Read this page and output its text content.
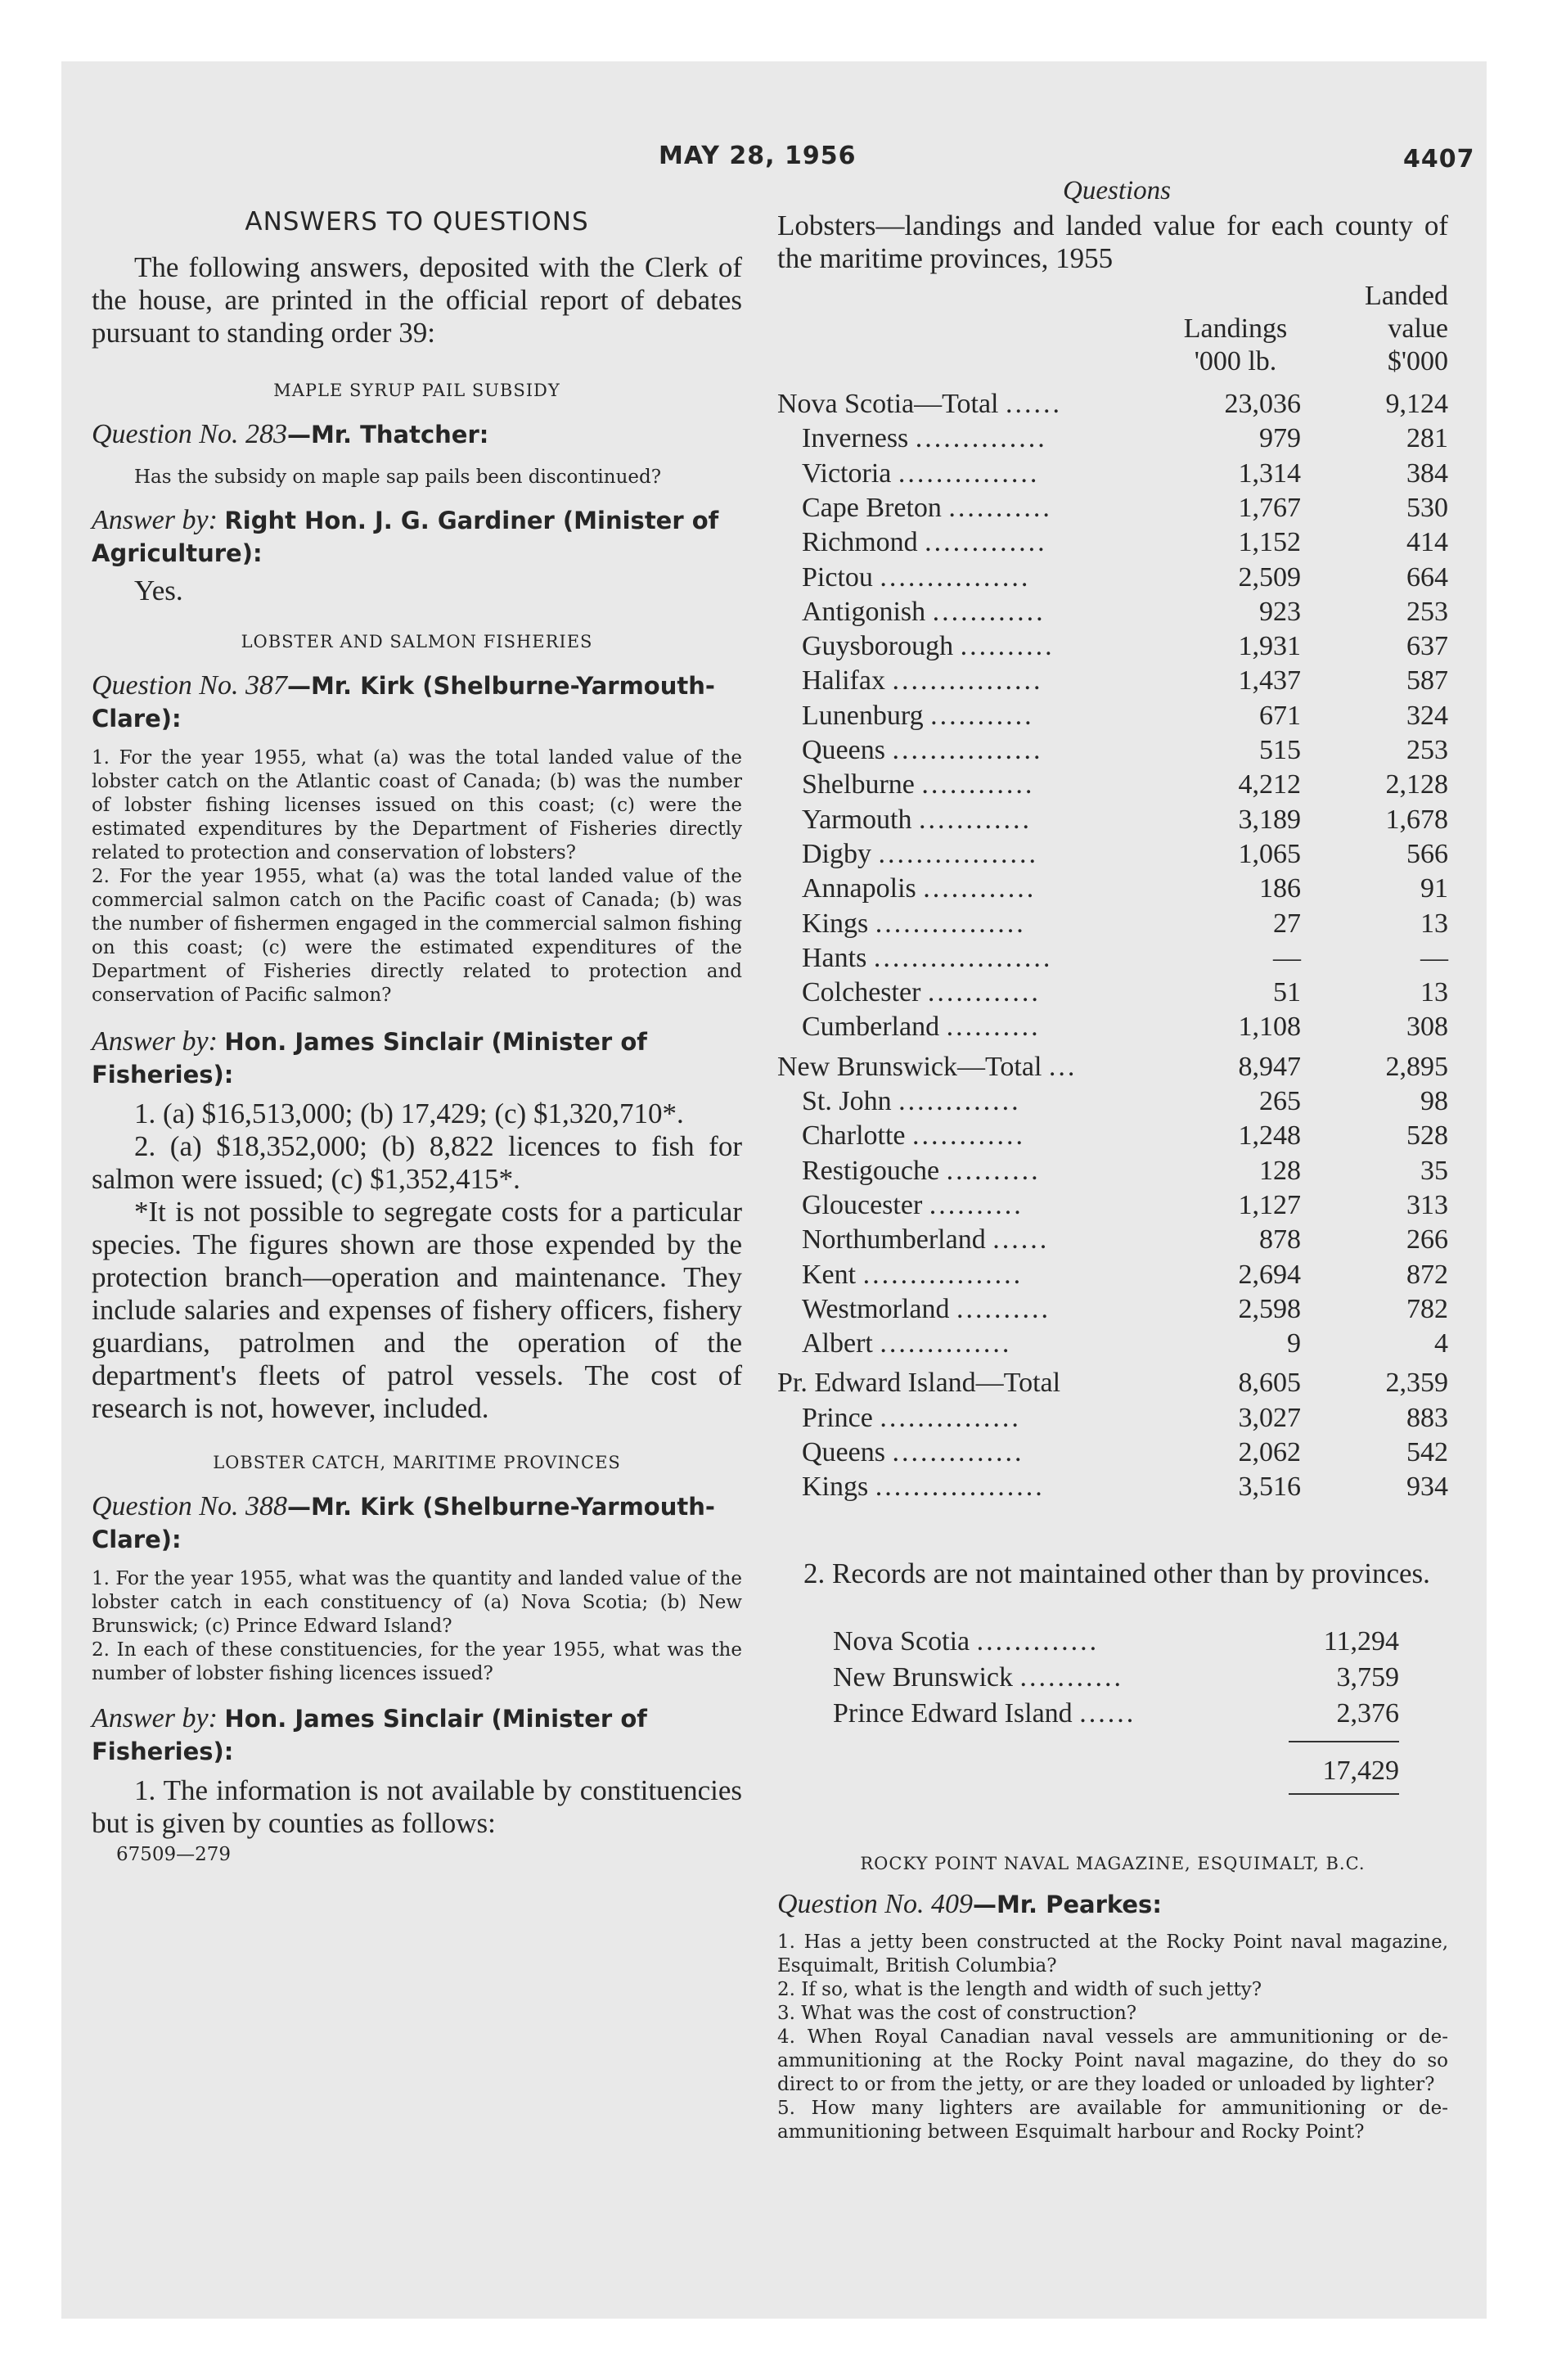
MAY 28, 1956	4407

ANSWERS TO QUESTIONS

The following answers, deposited with the Clerk of the house, are printed in the official report of debates pursuant to standing order 39:

MAPLE SYRUP PAIL SUBSIDY

Question No. 283—Mr. Thatcher:

Has the subsidy on maple sap pails been discontinued?

Answer by: Right Hon. J. G. Gardiner (Minister of Agriculture):

Yes.

LOBSTER AND SALMON FISHERIES

Question No. 387—Mr. Kirk (Shelburne-Yarmouth-Clare):

1. For the year 1955, what (a) was the total landed value of the lobster catch on the Atlantic coast of Canada; (b) was the number of lobster fishing licenses issued on this coast; (c) were the estimated expenditures by the Department of Fisheries directly related to protection and conservation of lobsters?

2. For the year 1955, what (a) was the total landed value of the commercial salmon catch on the Pacific coast of Canada; (b) was the number of fishermen engaged in the commercial salmon fishing on this coast; (c) were the estimated expenditures of the Department of Fisheries directly related to protection and conservation of Pacific salmon?

Answer by: Hon. James Sinclair (Minister of Fisheries):

1. (a) $16,513,000; (b) 17,429; (c) $1,320,710*.

2. (a) $18,352,000; (b) 8,822 licences to fish for salmon were issued; (c) $1,352,415*.

*It is not possible to segregate costs for a particular species. The figures shown are those expended by the protection branch—operation and maintenance. They include salaries and expenses of fishery officers, fishery guardians, patrolmen and the operation of the department's fleets of patrol vessels. The cost of research is not, however, included.

LOBSTER CATCH, MARITIME PROVINCES

Question No. 388—Mr. Kirk (Shelburne-Yarmouth-Clare):

1. For the year 1955, what was the quantity and landed value of the lobster catch in each constituency of (a) Nova Scotia; (b) New Brunswick; (c) Prince Edward Island?

2. In each of these constituencies, for the year 1955, what was the number of lobster fishing licences issued?

Answer by: Hon. James Sinclair (Minister of Fisheries):

1. The information is not available by constituencies but is given by counties as follows:

67509—279

Questions

Lobsters—landings and landed value for each county of the maritime provinces, 1955

Landed
Landings	value
'000 lb.	$'000
Nova Scotia—Total ......	23,036	9,124
Inverness ..............	979	281
Victoria ...............	1,314	384
Cape Breton ...........	1,767	530
Richmond .............	1,152	414
Pictou ................	2,509	664
Antigonish ............	923	253
Guysborough ..........	1,931	637
Halifax ................	1,437	587
Lunenburg ...........	671	324
Queens ................	515	253
Shelburne ............	4,212	2,128
Yarmouth ............	3,189	1,678
Digby .................	1,065	566
Annapolis ............	186	91
Kings ................	27	13
Hants ...................	—	—
Colchester ............	51	13
Cumberland ..........	1,108	308
New Brunswick—Total ...	8,947	2,895
St. John .............	265	98
Charlotte ............	1,248	528
Restigouche ..........	128	35
Gloucester ..........	1,127	313
Northumberland ......	878	266
Kent .................	2,694	872
Westmorland ..........	2,598	782
Albert ..............	9	4
Pr. Edward Island—Total	8,605	2,359
Prince ...............	3,027	883
Queens ..............	2,062	542
Kings ..................	3,516	934

2. Records are not maintained other than by provinces.

Nova Scotia .............	11,294
New Brunswick ...........	3,759
Prince Edward Island ......	2,376
17,429

ROCKY POINT NAVAL MAGAZINE, ESQUIMALT, B.C.

Question No. 409—Mr. Pearkes:

1. Has a jetty been constructed at the Rocky Point naval magazine, Esquimalt, British Columbia?

2. If so, what is the length and width of such jetty?

3. What was the cost of construction?

4. When Royal Canadian naval vessels are ammunitioning or de-ammunitioning at the Rocky Point naval magazine, do they do so direct to or from the jetty, or are they loaded or unloaded by lighter?

5. How many lighters are available for ammunitioning or de-ammunitioning between Esquimalt harbour and Rocky Point?
